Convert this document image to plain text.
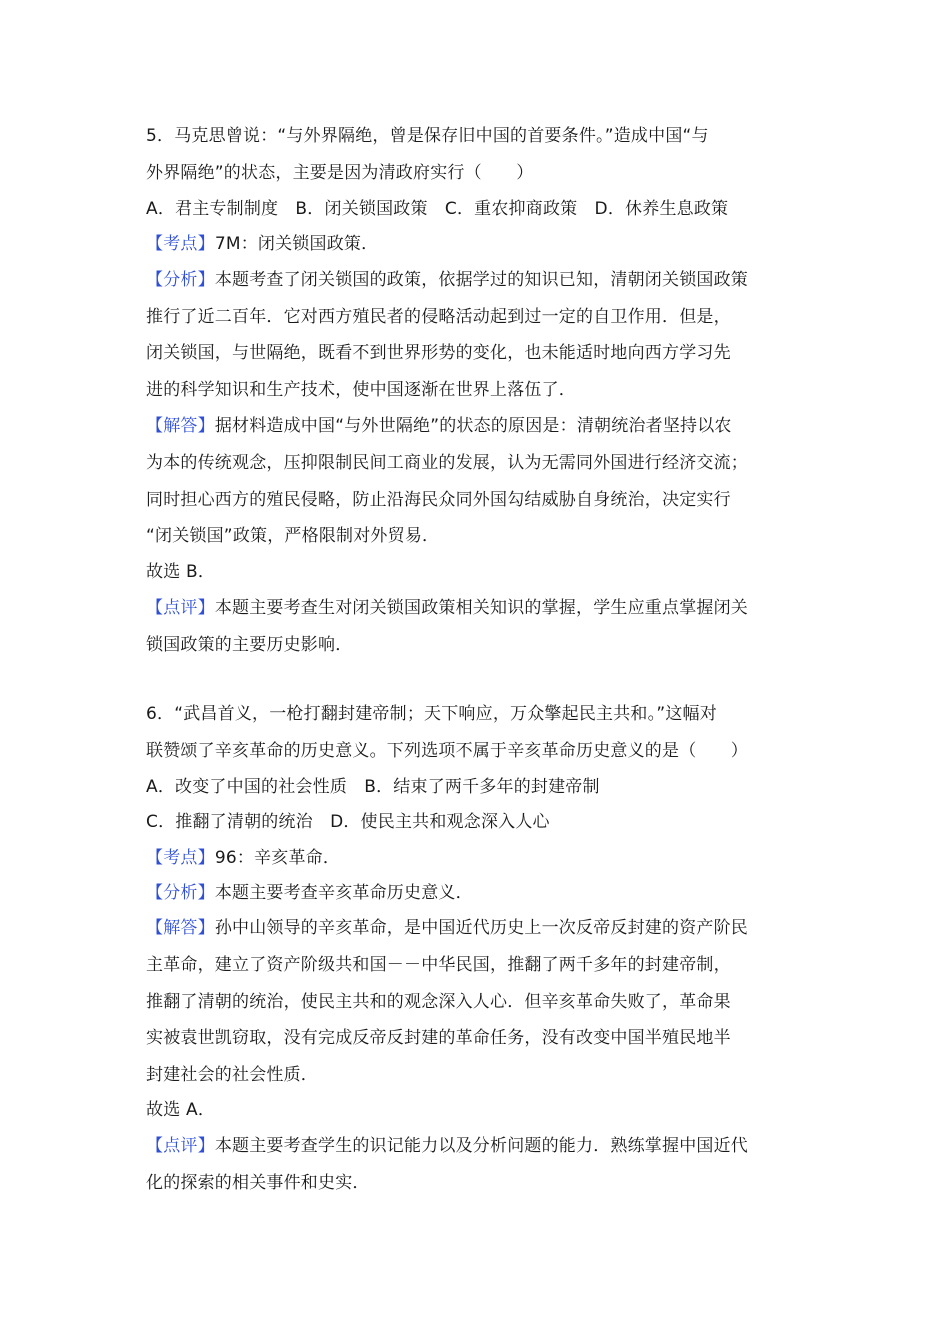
5．马克思曾说：“与外界隔绝，曾是保存旧中国的首要条件。”造成中国“与
外界隔绝”的状态，主要是因为清政府实行（　　）
A．君主专制制度　B．闭关锁国政策　C．重农抑商政策　D．休养生息政策
【考点】7M：闭关锁国政策．
【分析】本题考查了闭关锁国的政策，依据学过的知识已知，清朝闭关锁国政策
推行了近二百年．它对西方殖民者的侵略活动起到过一定的自卫作用．但是，
闭关锁国，与世隔绝，既看不到世界形势的变化，也未能适时地向西方学习先
进的科学知识和生产技术，使中国逐渐在世界上落伍了．
【解答】据材料造成中国“与外世隔绝”的状态的原因是：清朝统治者坚持以农
为本的传统观念，压抑限制民间工商业的发展，认为无需同外国进行经济交流；
同时担心西方的殖民侵略，防止沿海民众同外国勾结威胁自身统治，决定实行
“闭关锁国”政策，严格限制对外贸易．
故选 B．
【点评】本题主要考查生对闭关锁国政策相关知识的掌握，学生应重点掌握闭关
锁国政策的主要历史影响．
6．“武昌首义，一枪打翻封建帝制；天下响应，万众擎起民主共和。”这幅对
联赞颂了辛亥革命的历史意义。下列选项不属于辛亥革命历史意义的是（　　）
A．改变了中国的社会性质　B．结束了两千多年的封建帝制
C．推翻了清朝的统治　D．使民主共和观念深入人心
【考点】96：辛亥革命．
【分析】本题主要考查辛亥革命历史意义．
【解答】孙中山领导的辛亥革命，是中国近代历史上一次反帝反封建的资产阶民
主革命，建立了资产阶级共和国－－中华民国，推翻了两千多年的封建帝制，
推翻了清朝的统治，使民主共和的观念深入人心．但辛亥革命失败了，革命果
实被袁世凯窃取，没有完成反帝反封建的革命任务，没有改变中国半殖民地半
封建社会的社会性质．
故选 A．
【点评】本题主要考查学生的识记能力以及分析问题的能力．熟练掌握中国近代
化的探索的相关事件和史实．
